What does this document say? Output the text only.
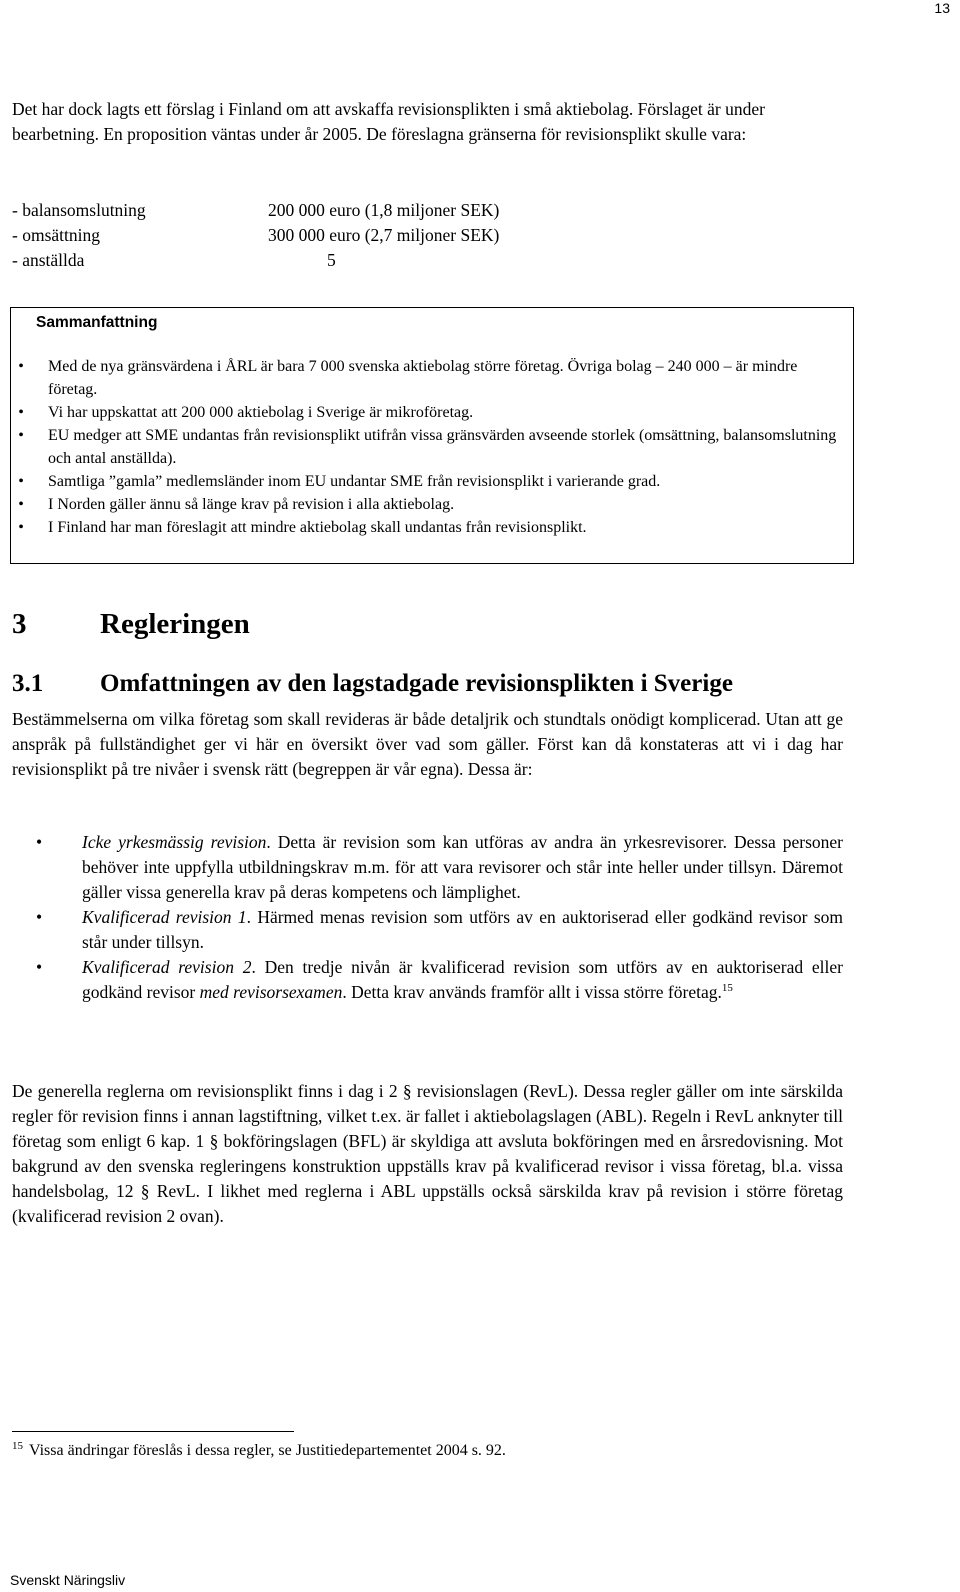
13

Det har dock lagts ett förslag i Finland om att avskaffa revisionsplikten i små aktiebolag. Förslaget är under bearbetning. En proposition väntas under år 2005. De föreslagna gränserna för revisionsplikt skulle vara:

- balansomslutning	200 000 euro (1,8 miljoner SEK)
- omsättning	300 000 euro (2,7 miljoner SEK)
- anställda	5
Sammanfattning
•	Med de nya gränsvärdena i ÅRL är bara 7 000 svenska aktiebolag större företag. Övriga bolag – 240 000 – är mindre företag.
•	Vi har uppskattat att 200 000 aktiebolag i Sverige är mikroföretag.
•	EU medger att SME undantas från revisionsplikt utifrån vissa gränsvärden avseende storlek (omsättning, balansomslutning och antal anställda).
•	Samtliga ”gamla” medlemsländer inom EU undantar SME från revisionsplikt i varierande grad.
•	I Norden gäller ännu så länge krav på revision i alla aktiebolag.
•	I Finland har man föreslagit att mindre aktiebolag skall undantas från revisionsplikt.
3	Regleringen
3.1 Omfattningen av den lagstadgade revisionsplikten i Sverige

Bestämmelserna om vilka företag som skall revideras är både detaljrik och stundtals onödigt komplicerad. Utan att ge anspråk på fullständighet ger vi här en översikt över vad som gäller. Först kan då konstateras att vi i dag har revisionsplikt på tre nivåer i svensk rätt (begreppen är vår egna). Dessa är:

• Icke yrkesmässig revision. Detta är revision som kan utföras av andra än yrkesrevisorer. Dessa personer behöver inte uppfylla utbildningskrav m.m. för att vara revisorer och står inte heller under tillsyn. Däremot gäller vissa generella krav på deras kompetens och lämplighet.
• Kvalificerad revision 1. Härmed menas revision som utförs av en auktoriserad eller godkänd revisor som står under tillsyn.
• Kvalificerad revision 2. Den tredje nivån är kvalificerad revision som utförs av en auktoriserad eller godkänd revisor med revisorsexamen. Detta krav används framför allt i vissa större företag.$^{15}$

De generella reglerna om revisionsplikt finns i dag i 2 § revisionslagen (RevL). Dessa regler gäller om inte särskilda regler för revision finns i annan lagstiftning, vilket t.ex. är fallet i aktiebolagslagen (ABL). Regeln i RevL anknyter till företag som enligt 6 kap. 1 § bokföringslagen (BFL) är skyldiga att avsluta bokföringen med en årsredovisning. Mot bakgrund av den svenska regleringens konstruktion uppställs krav på kvalificerad revisor i vissa företag, bl.a. vissa handelsbolag, 12 § RevL. I likhet med reglerna i ABL uppställs också särskilda krav på revision i större företag (kvalificerad revision 2 ovan).

$^{15}$ Vissa ändringar föreslås i dessa regler, se Justitiedepartementet 2004 s. 92.
Svenskt Näringsliv
